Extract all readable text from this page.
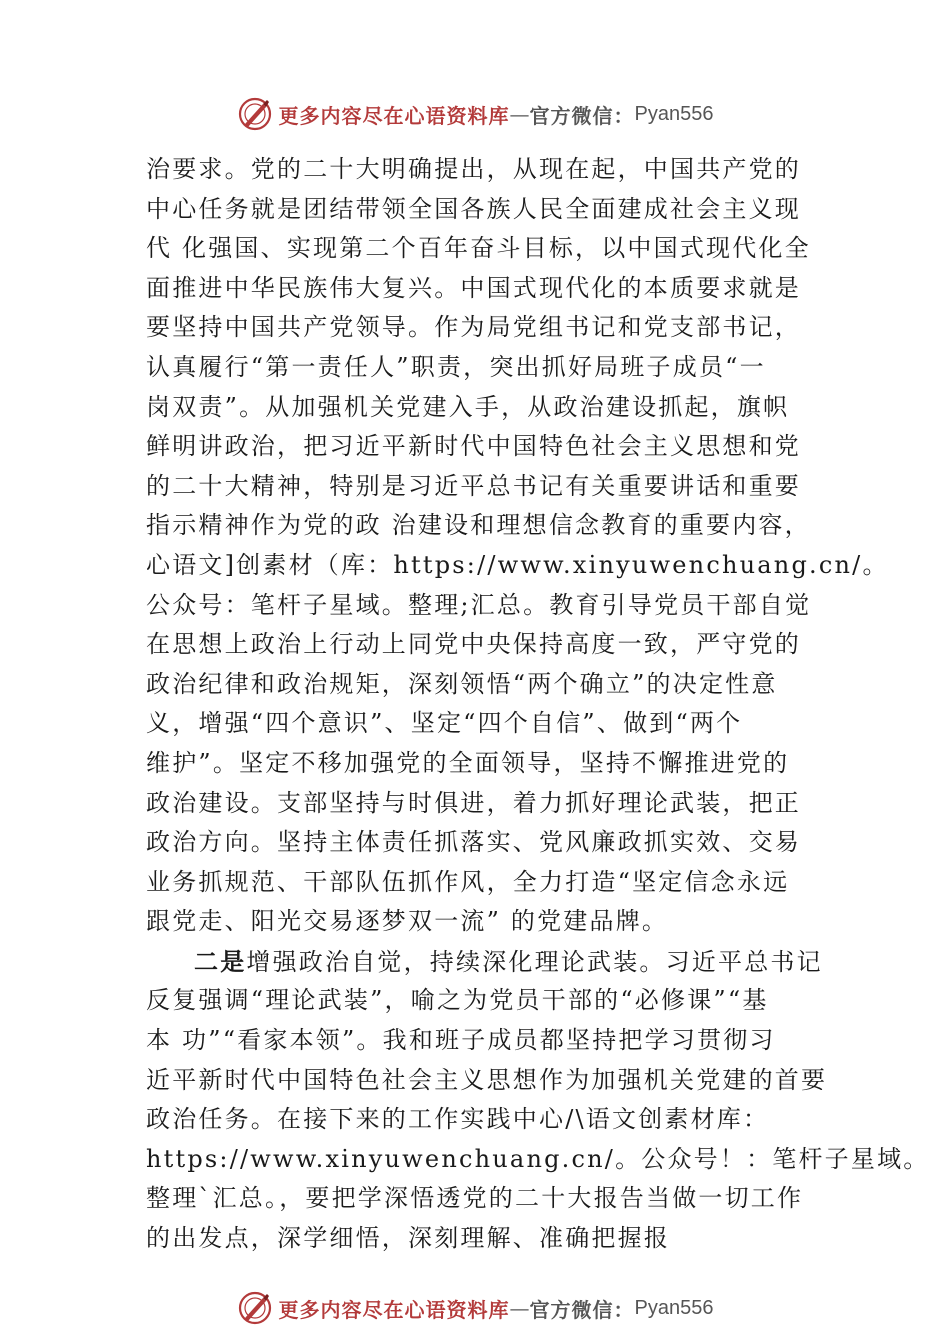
更多内容尽在心语资料库 — 官方微信： Pyan556
治要求。党的二十大明确提出，从现在起，中国共产党的
中心任务就是团结带领全国各族人民全面建成社会主义现
代 化强国、实现第二个百年奋斗目标，以中国式现代化全
面推进中华民族伟大复兴。中国式现代化的本质要求就是
要坚持中国共产党领导。作为局党组书记和党支部书记，
认真履行“第一责任人”职责，突出抓好局班子成员“一
岗双责”。从加强机关党建入手，从政治建设抓起，旗帜
鲜明讲政治，把习近平新时代中国特色社会主义思想和党
的二十大精神，特别是习近平总书记有关重要讲话和重要
指示精神作为党的政 治建设和理想信念教育的重要内容，
心语文]创素材（库：https://www.xinyuwenchuang.cn/。
公众号：笔杆子星域。整理;汇总。教育引导党员干部自觉
在思想上政治上行动上同党中央保持高度一致，严守党的
政治纪律和政治规矩，深刻领悟“两个确立”的决定性意
义，增强“四个意识”、坚定“四个自信”、做到“两个
维护”。坚定不移加强党的全面领导，坚持不懈推进党的
政治建设。支部坚持与时俱进，着力抓好理论武装，把正
政治方向。坚持主体责任抓落实、党风廉政抓实效、交易
业务抓规范、干部队伍抓作风，全力打造“坚定信念永远
跟党走、阳光交易逐梦双一流” 的党建品牌。
二是增强政治自觉，持续深化理论武装。习近平总书记
反复强调“理论武装”，喻之为党员干部的“必修课”“基
本 功”“看家本领”。我和班子成员都坚持把学习贯彻习
近平新时代中国特色社会主义思想作为加强机关党建的首要
政治任务。在接下来的工作实践中心/\语文创素材库：
https://www.xinyuwenchuang.cn/。公众号！：笔杆子星域。
整理`汇总。，要把学深悟透党的二十大报告当做一切工作
的出发点，深学细悟，深刻理解、准确把握报
更多内容尽在心语资料库 — 官方微信： Pyan556
